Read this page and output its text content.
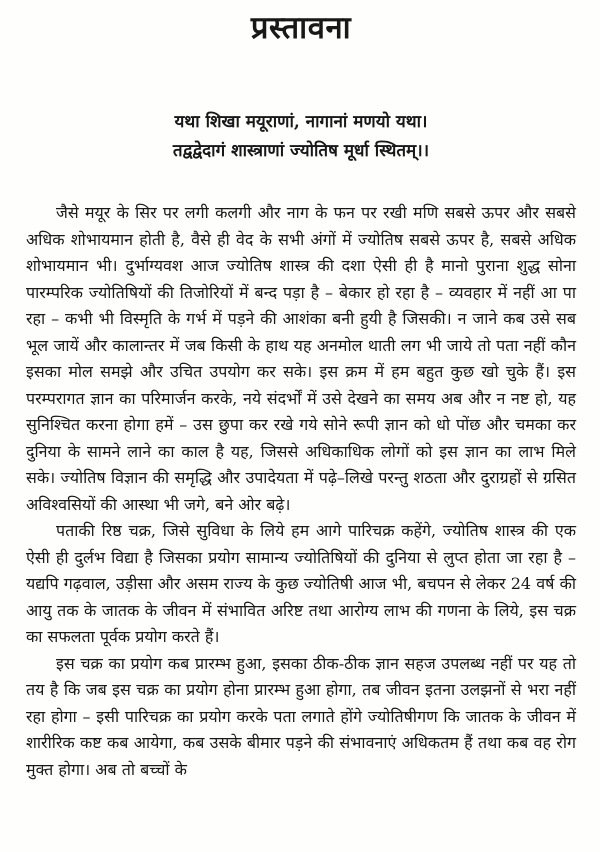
प्रस्तावना
यथा शिखा मयूराणां, नागानां मणयो यथा।
तद्वद्वेदागं शास्त्राणां ज्योतिष मूर्धा स्थितम्।।

जैसे मयूर के सिर पर लगी कलगी और नाग के फन पर रखी मणि सबसे ऊपर और सबसे अधिक शोभायमान होती है, वैसे ही वेद के सभी अंगों में ज्योतिष सबसे ऊपर है, सबसे अधिक शोभायमान भी। दुर्भाग्यवश आज ज्योतिष शास्त्र की दशा ऐसी ही है मानो पुराना शुद्ध सोना पारम्परिक ज्योतिषियों की तिजोरियों में बन्द पड़ा है – बेकार हो रहा है – व्यवहार में नहीं आ पा रहा – कभी भी विस्मृति के गर्भ में पड़ने की आशंका बनी हुयी है जिसकी। न जाने कब उसे सब भूल जायें और कालान्तर में जब किसी के हाथ यह अनमोल थाती लग भी जाये तो पता नहीं कौन इसका मोल समझे और उचित उपयोग कर सके। इस क्रम में हम बहुत कुछ खो चुके हैं। इस परम्परागत ज्ञान का परिमार्जन करके, नये संदर्भों में उसे देखने का समय अब और न नष्ट हो, यह सुनिश्चित करना होगा हमें – उस छुपा कर रखे गये सोने रूपी ज्ञान को धो पोंछ और चमका कर दुनिया के सामने लाने का काल है यह, जिससे अधिकाधिक लोगों को इस ज्ञान का लाभ मिले सके। ज्योतिष विज्ञान की समृद्धि और उपादेयता में पढ़े–लिखे परन्तु शठता और दुराग्रहों से ग्रसित अविश्वसियों की आस्था भी जगे, बने ओर बढ़े।

पताकी रिष्ठ चक्र, जिसे सुविधा के लिये हम आगे पारिचक्र कहेंगे, ज्योतिष शास्त्र की एक ऐसी ही दुर्लभ विद्या है जिसका प्रयोग सामान्य ज्योतिषियों की दुनिया से लुप्त होता जा रहा है – यद्यपि गढ़वाल, उड़ीसा और असम राज्य के कुछ ज्योतिषी आज भी, बचपन से लेकर 24 वर्ष की आयु तक के जातक के जीवन में संभावित अरिष्ट तथा आरोग्य लाभ की गणना के लिये, इस चक्र का सफलता पूर्वक प्रयोग करते हैं।

इस चक्र का प्रयोग कब प्रारम्भ हुआ, इसका ठीक-ठीक ज्ञान सहज उपलब्ध नहीं पर यह तो तय है कि जब इस चक्र का प्रयोग होना प्रारम्भ हुआ होगा, तब जीवन इतना उलझनों से भरा नहीं रहा होगा – इसी पारिचक्र का प्रयोग करके पता लगाते होंगे ज्योतिषीगण कि जातक के जीवन में शारीरिक कष्ट कब आयेगा, कब उसके बीमार पड़ने की संभावनाएं अधिकतम हैं तथा कब वह रोग मुक्त होगा। अब तो बच्चों के
